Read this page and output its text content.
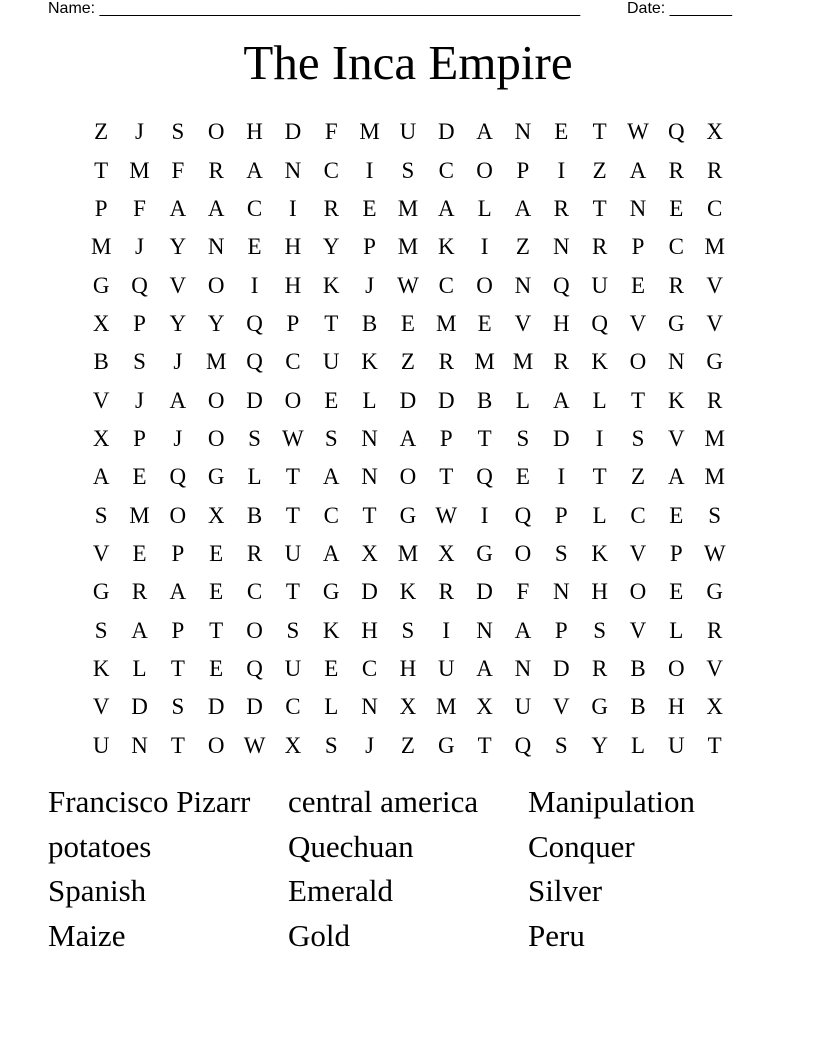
Name: ______________________________________________________	Date: _______
The Inca Empire
Z	J	S	O H D	F M U D A N	E	T W Q X
T M F	R A N C	I	S	C O	P	I	Z	A R	R
P	F	A A C	I	R	E M A	L	A R	T	N	E	C
M	J	Y N	E	H Y	P M K	I	Z	N R	P	C M
G Q V O	I	H K	J	W C O N Q U	E	R V
X	P	Y Y Q	P	T	B	E M E	V H Q V G V
B	S	J	M Q C U K	Z	R M M R K O N G
V	J	A O D O	E	L	D D B	L	A	L	T	K R
X	P	J	O	S W S	N A	P	T	S	D	I	S	V M
A	E	Q G	L	T	A N O	T	Q	E	I	T	Z	A M
S M O X B	T	C	T	G W	I	Q	P	L	C	E	S
V	E	P	E	R U A X M X G O	S	K V	P W
G R A	E	C	T	G D K R D	F	N H O	E	G
S	A	P	T	O	S	K H	S	I	N A	P	S	V	L	R
K	L	T	E	Q U	E	C H U A N D R	B O V
V D	S	D D C	L	N X M X U V G B H X
U N	T	O W X	S	J	Z	G	T	Q	S	Y	L	U	T
Francisco Pizarr	central america	Manipulation
potatoes	Quechuan	Conquer
Spanish	Emerald	Silver
Maize	Gold	Peru
